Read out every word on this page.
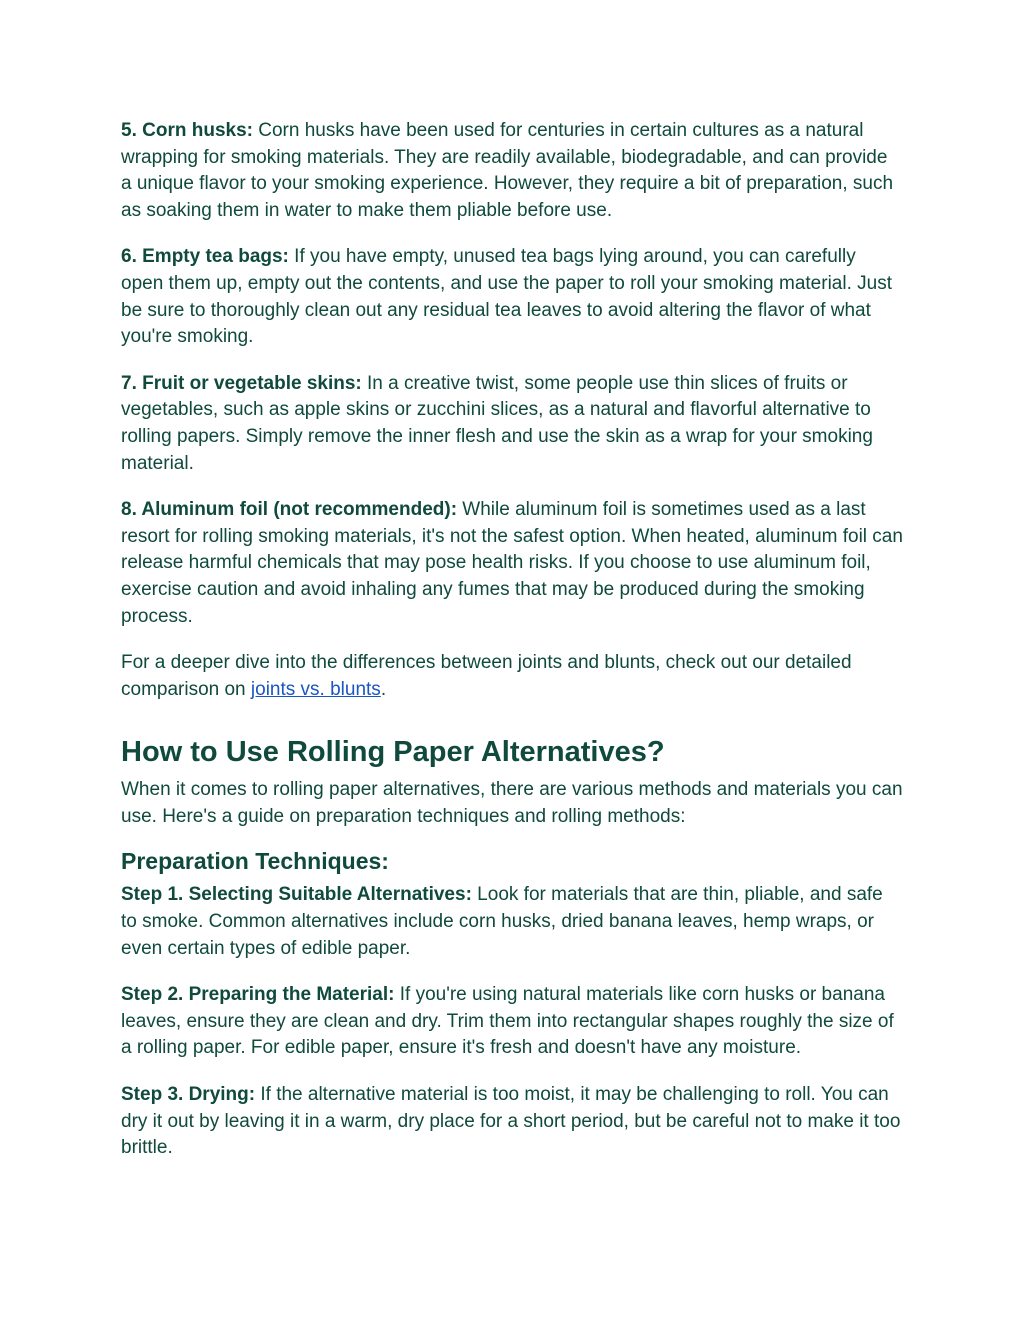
5. Corn husks: Corn husks have been used for centuries in certain cultures as a natural wrapping for smoking materials. They are readily available, biodegradable, and can provide a unique flavor to your smoking experience. However, they require a bit of preparation, such as soaking them in water to make them pliable before use.

6. Empty tea bags: If you have empty, unused tea bags lying around, you can carefully open them up, empty out the contents, and use the paper to roll your smoking material. Just be sure to thoroughly clean out any residual tea leaves to avoid altering the flavor of what you're smoking.

7. Fruit or vegetable skins: In a creative twist, some people use thin slices of fruits or vegetables, such as apple skins or zucchini slices, as a natural and flavorful alternative to rolling papers. Simply remove the inner flesh and use the skin as a wrap for your smoking material.

8. Aluminum foil (not recommended): While aluminum foil is sometimes used as a last resort for rolling smoking materials, it's not the safest option. When heated, aluminum foil can release harmful chemicals that may pose health risks. If you choose to use aluminum foil, exercise caution and avoid inhaling any fumes that may be produced during the smoking process.

For a deeper dive into the differences between joints and blunts, check out our detailed comparison on joints vs. blunts.

How to Use Rolling Paper Alternatives?

When it comes to rolling paper alternatives, there are various methods and materials you can use. Here's a guide on preparation techniques and rolling methods:

Preparation Techniques:

Step 1. Selecting Suitable Alternatives: Look for materials that are thin, pliable, and safe to smoke. Common alternatives include corn husks, dried banana leaves, hemp wraps, or even certain types of edible paper.

Step 2. Preparing the Material: If you're using natural materials like corn husks or banana leaves, ensure they are clean and dry. Trim them into rectangular shapes roughly the size of a rolling paper. For edible paper, ensure it's fresh and doesn't have any moisture.

Step 3. Drying: If the alternative material is too moist, it may be challenging to roll. You can dry it out by leaving it in a warm, dry place for a short period, but be careful not to make it too brittle.
